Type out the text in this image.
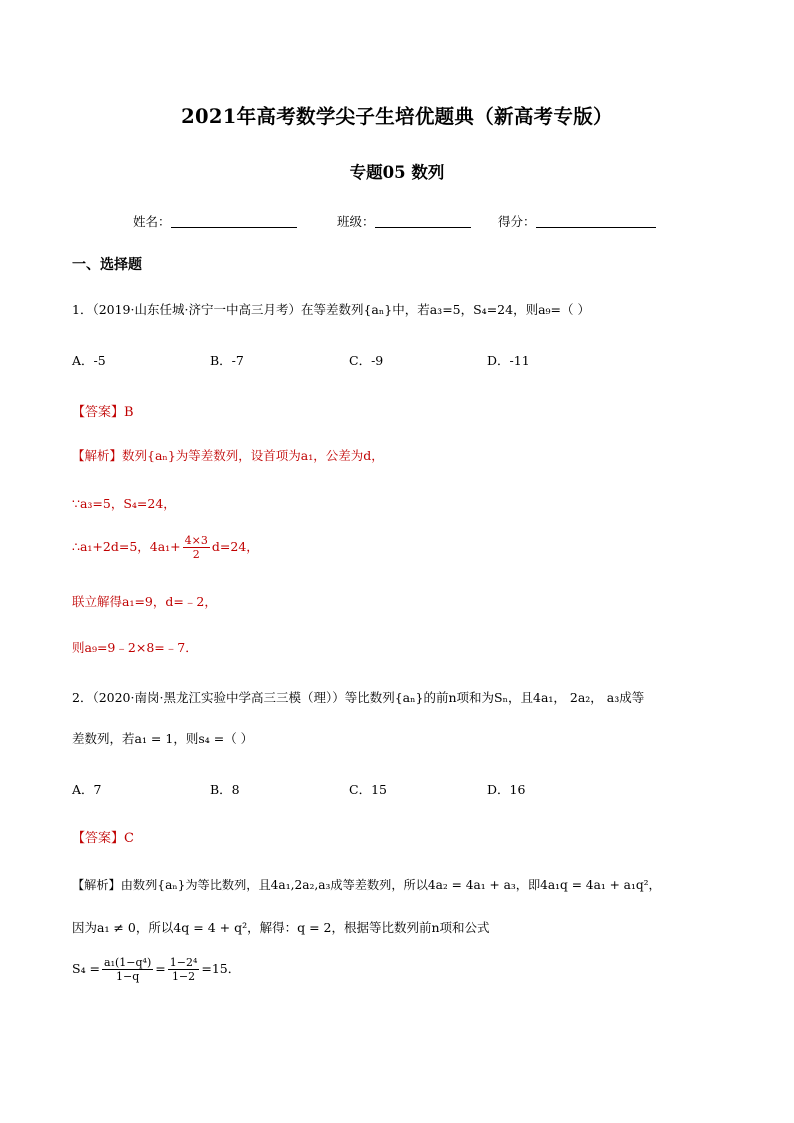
2021年高考数学尖子生培优题典（新高考专版）
专题05 数列
姓名：	班级：	得分：
一、选择题
1．（2019·山东任城·济宁一中高三月考）在等差数列{aₙ}中，若a₃=5，S₄=24，则a₉=（ ）
A．-5	B．-7	C．-9	D．-11
【答案】B
【解析】数列{aₙ}为等差数列，设首项为a₁，公差为d，
∵a₃=5，S₄=24，
∴a₁+2d=5，$4a_1+ \frac{4\times 3}{2} d=24$，
联立解得a₁=9，d=﹣2，
则a₉=9﹣2×8=﹣7．
2．（2020·南岗·黑龙江实验中学高三三模（理））等比数列{aₙ}的前n项和为Sₙ，且4a₁， 2a₂， a₃成等
差数列，若a₁ = 1，则s₄ =（ ）
A．7	B．8	C．15	D．16
【答案】C
【解析】由数列{aₙ}为等比数列，且4a₁,2a₂,a₃成等差数列，所以4a₂ = 4a₁ + a₃，即4a₁q = 4a₁ + a₁q²，
因为a₁ ≠ 0，所以4q = 4 + q²，解得：q = 2，根据等比数列前n项和公式
$S_4 = \frac{\text{a₁(1−q⁴)}}{1-q} = \frac{\text{1−2⁴}}{1-2} =15$．
